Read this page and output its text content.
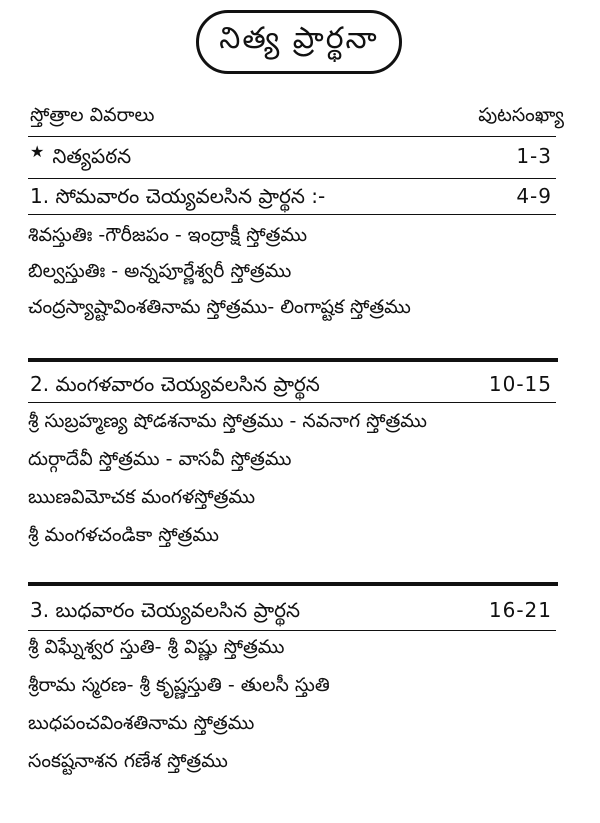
నిత్య ప్రార్థనా
స్తోత్రాల వివరాలు	పుటసంఖ్యా
★ నిత్యపఠన	1-3
1. సోమవారం చెయ్యవలసిన ప్రార్థన :-	4-9
శివస్తుతిః -గౌరీజపం - ఇంద్రాక్షీ స్తోత్రము
బిల్వస్తుతిః - అన్నపూర్ణేశ్వరీ స్తోత్రము
చంద్రస్యాష్టావింశతినామ స్తోత్రము- లింగాష్టక స్తోత్రము
2. మంగళవారం చెయ్యవలసిన ప్రార్థన	10-15
శ్రీ సుబ్రహ్మణ్య షోడశనామ స్తోత్రము - నవనాగ స్తోత్రము
దుర్గాదేవీ స్తోత్రము - వాసవీ స్తోత్రము
ఋణవిమోచక మంగళస్తోత్రము
శ్రీ మంగళచండికా స్తోత్రము
3. బుధవారం చెయ్యవలసిన ప్రార్థన	16-21
శ్రీ విఘ్నేశ్వర స్తుతి- శ్రీ విష్ణు స్తోత్రము
శ్రీరామ స్మరణ- శ్రీ కృష్ణస్తుతి - తులసీ స్తుతి
బుధపంచవింశతినామ స్తోత్రము
సంకష్టనాశన గణేశ స్తోత్రము
